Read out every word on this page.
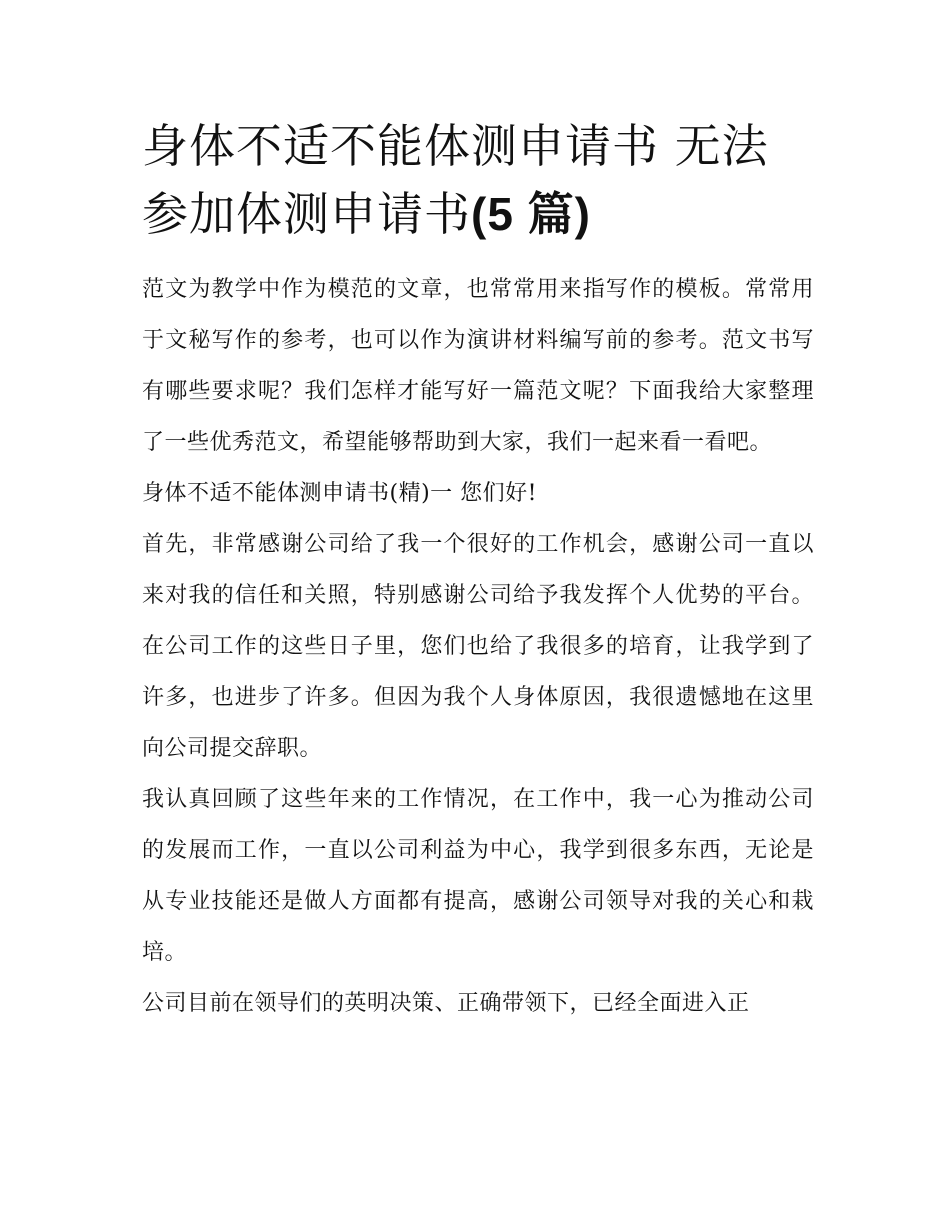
身体不适不能体测申请书 无法参加体测申请书(5 篇)

范文为教学中作为模范的文章，也常常用来指写作的模板。常常用于文秘写作的参考，也可以作为演讲材料编写前的参考。范文书写有哪些要求呢？我们怎样才能写好一篇范文呢？下面我给大家整理了一些优秀范文，希望能够帮助到大家，我们一起来看一看吧。

身体不适不能体测申请书(精)一 您们好!

首先，非常感谢公司给了我一个很好的工作机会，感谢公司一直以来对我的信任和关照，特别感谢公司给予我发挥个人优势的平台。在公司工作的这些日子里，您们也给了我很多的培育，让我学到了许多，也进步了许多。但因为我个人身体原因，我很遗憾地在这里向公司提交辞职。

我认真回顾了这些年来的工作情况，在工作中，我一心为推动公司的发展而工作，一直以公司利益为中心，我学到很多东西，无论是从专业技能还是做人方面都有提高，感谢公司领导对我的关心和栽培。

公司目前在领导们的英明决策、正确带领下，已经全面进入正
